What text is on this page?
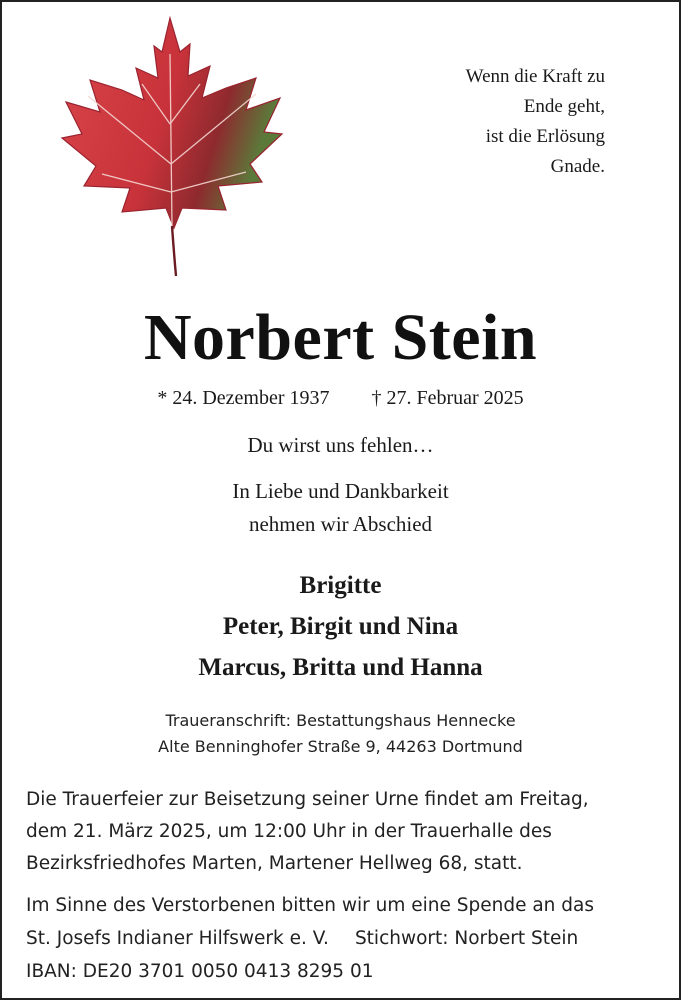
Wenn die Kraft zu
Ende geht,
ist die Erlösung
Gnade.
Norbert Stein
* 24. Dezember 1937 † 27. Februar 2025
Du wirst uns fehlen…
In Liebe und Dankbarkeit
nehmen wir Abschied
Brigitte
Peter, Birgit und Nina
Marcus, Britta und Hanna
Traueranschrift: Bestattungshaus Hennecke
Alte Benninghofer Straße 9, 44263 Dortmund
Die Trauerfeier zur Beisetzung seiner Urne findet am Freitag,
dem 21. März 2025, um 12:00 Uhr in der Trauerhalle des
Bezirksfriedhofes Marten, Martener Hellweg 68, statt.
Im Sinne des Verstorbenen bitten wir um eine Spende an das
St. Josefs Indianer Hilfswerk e. V. Stichwort: Norbert Stein
IBAN: DE20 3701 0050 0413 8295 01
